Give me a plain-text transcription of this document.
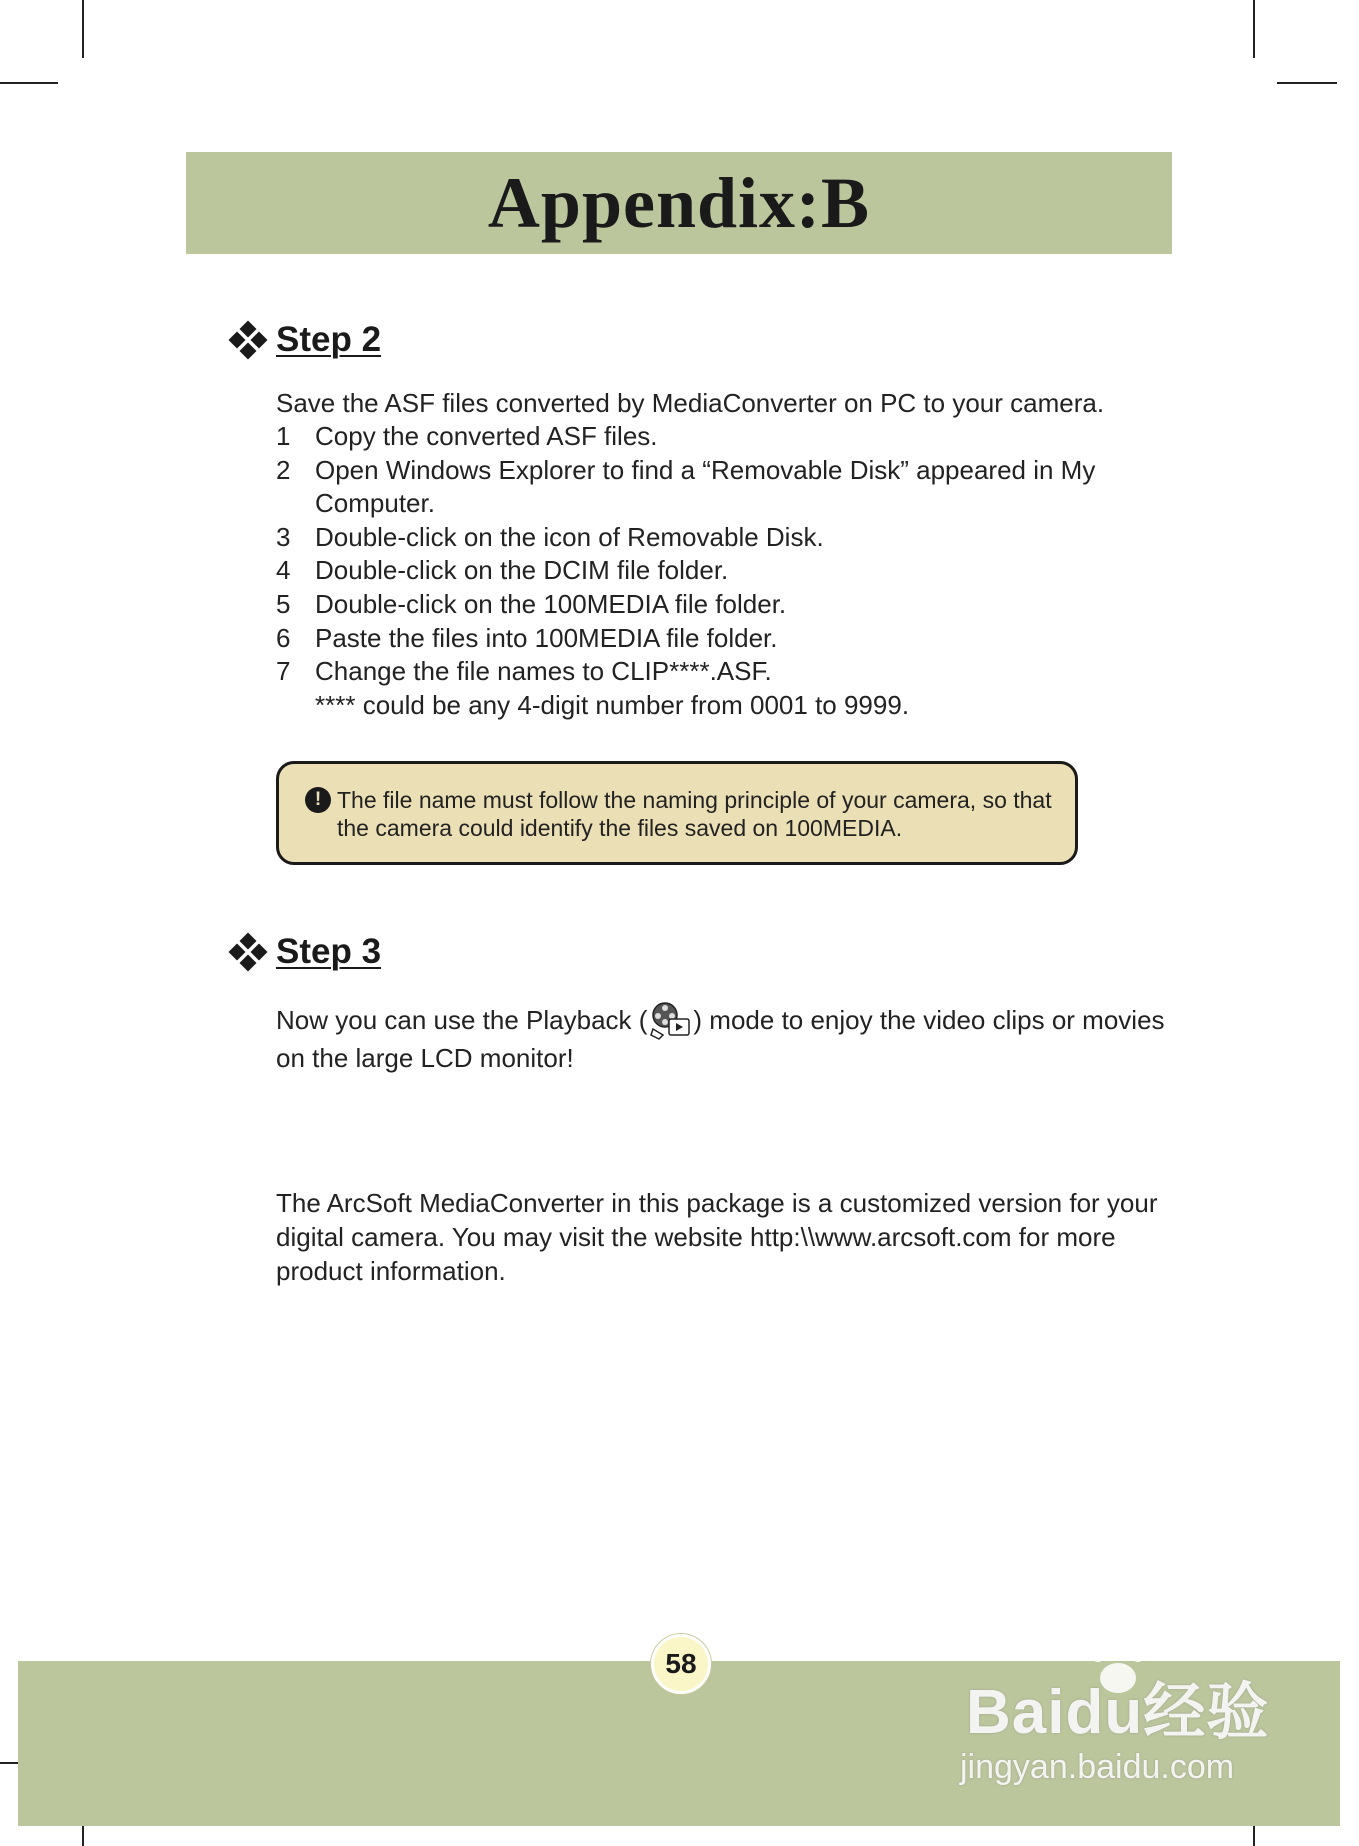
Appendix:B
Step 2
Save the ASF files converted by MediaConverter on PC to your camera.
1 Copy the converted ASF files.
2 Open Windows Explorer to find a “Removable Disk” appeared in My Computer.
3 Double-click on the icon of Removable Disk.
4 Double-click on the DCIM file folder.
5 Double-click on the 100MEDIA file folder.
6 Paste the files into 100MEDIA file folder.
7 Change the file names to CLIP****.ASF.
**** could be any 4-digit number from 0001 to 9999.
! The file name must follow the naming principle of your camera, so that the camera could identify the files saved on 100MEDIA.
Step 3
Now you can use the Playback ( ) mode to enjoy the video clips or movies on the large LCD monitor!
The ArcSoft MediaConverter in this package is a customized version for your digital camera. You may visit the website http:\\www.arcsoft.com for more product information.
58
Baidu经验
jingyan.baidu.com
